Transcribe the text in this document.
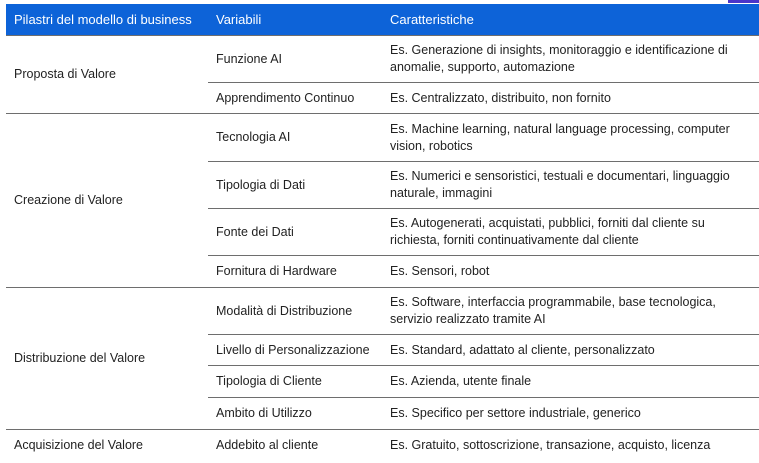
Pilastri del modello di business	Variabili	Caratteristiche
Proposta di Valore	Funzione AI	Es. Generazione di insights, monitoraggio e identificazione di anomalie, supporto, automazione
	Apprendimento Continuo	Es. Centralizzato, distribuito, non fornito
Creazione di Valore	Tecnologia AI	Es. Machine learning, natural language processing, computer vision, robotics
	Tipologia di Dati	Es. Numerici e sensoristici, testuali e documentari, linguaggio naturale, immagini
	Fonte dei Dati	Es. Autogenerati, acquistati, pubblici, forniti dal cliente su richiesta, forniti continuativamente dal cliente
	Fornitura di Hardware	Es. Sensori, robot
Distribuzione del Valore	Modalità di Distribuzione	Es. Software, interfaccia programmabile, base tecnologica, servizio realizzato tramite AI
	Livello di Personalizzazione	Es. Standard, adattato al cliente, personalizzato
	Tipologia di Cliente	Es. Azienda, utente finale
	Ambito di Utilizzo	Es. Specifico per settore industriale, generico
Acquisizione del Valore	Addebito al cliente	Es. Gratuito, sottoscrizione, transazione, acquisto, licenza
